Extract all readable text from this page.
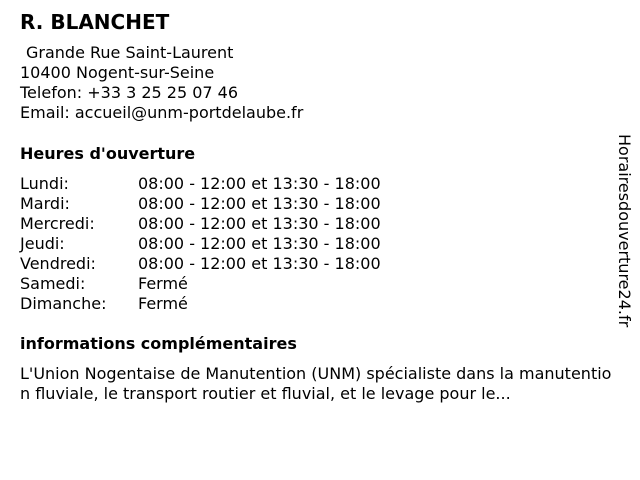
R. BLANCHET
Grande Rue Saint-Laurent
10400 Nogent-sur-Seine
Telefon: +33 3 25 25 07 46
Email: accueil@unm-portdelaube.fr
Heures d'ouverture
Lundi:	08:00 - 12:00 et 13:30 - 18:00
Mardi:	08:00 - 12:00 et 13:30 - 18:00
Mercredi:	08:00 - 12:00 et 13:30 - 18:00
Jeudi:	08:00 - 12:00 et 13:30 - 18:00
Vendredi:	08:00 - 12:00 et 13:30 - 18:00
Samedi:	Fermé
Dimanche:	Fermé
informations complémentaires
L'Union Nogentaise de Manutention (UNM) spécialiste dans la manutention fluviale, le transport routier et fluvial, et le levage pour le...
Horairesdouverture24.fr
